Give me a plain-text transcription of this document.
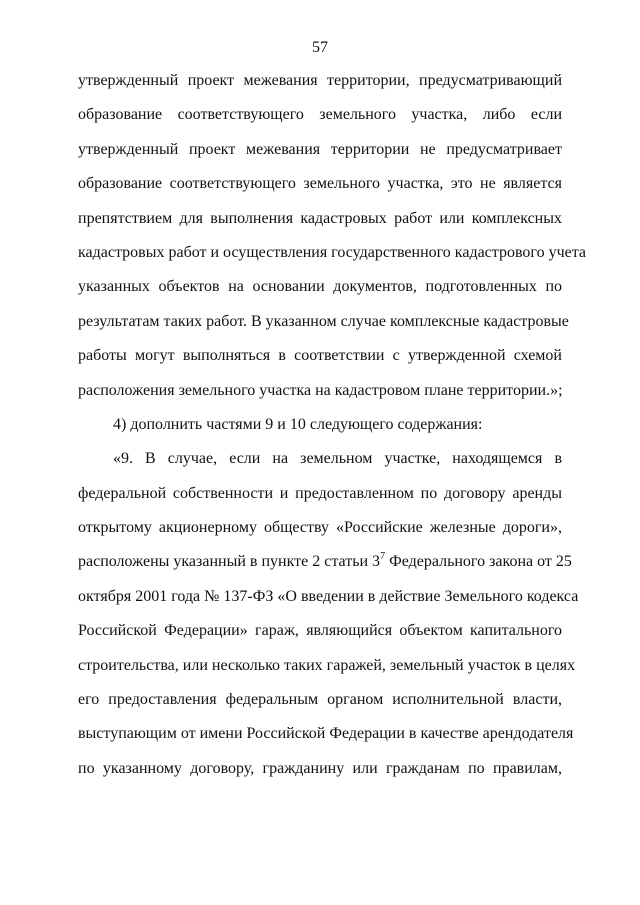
57
утвержденный проект межевания территории, предусматривающий
образование соответствующего земельного участка, либо если
утвержденный проект межевания территории не предусматривает
образование соответствующего земельного участка, это не является
препятствием для выполнения кадастровых работ или комплексных
кадастровых работ и осуществления государственного кадастрового учета
указанных объектов на основании документов, подготовленных по
результатам таких работ. В указанном случае комплексные кадастровые
работы могут выполняться в соответствии с утвержденной схемой
расположения земельного участка на кадастровом плане территории.»;
4) дополнить частями 9 и 10 следующего содержания:
«9. В случае, если на земельном участке, находящемся в
федеральной собственности и предоставленном по договору аренды
открытому акционерному обществу «Российские железные дороги»,
расположены указанный в пункте 2 статьи $3^7$ Федерального закона от 25
октября 2001 года № 137-ФЗ «О введении в действие Земельного кодекса
Российской Федерации» гараж, являющийся объектом капитального
строительства, или несколько таких гаражей, земельный участок в целях
его предоставления федеральным органом исполнительной власти,
выступающим от имени Российской Федерации в качестве арендодателя
по указанному договору, гражданину или гражданам по правилам,
